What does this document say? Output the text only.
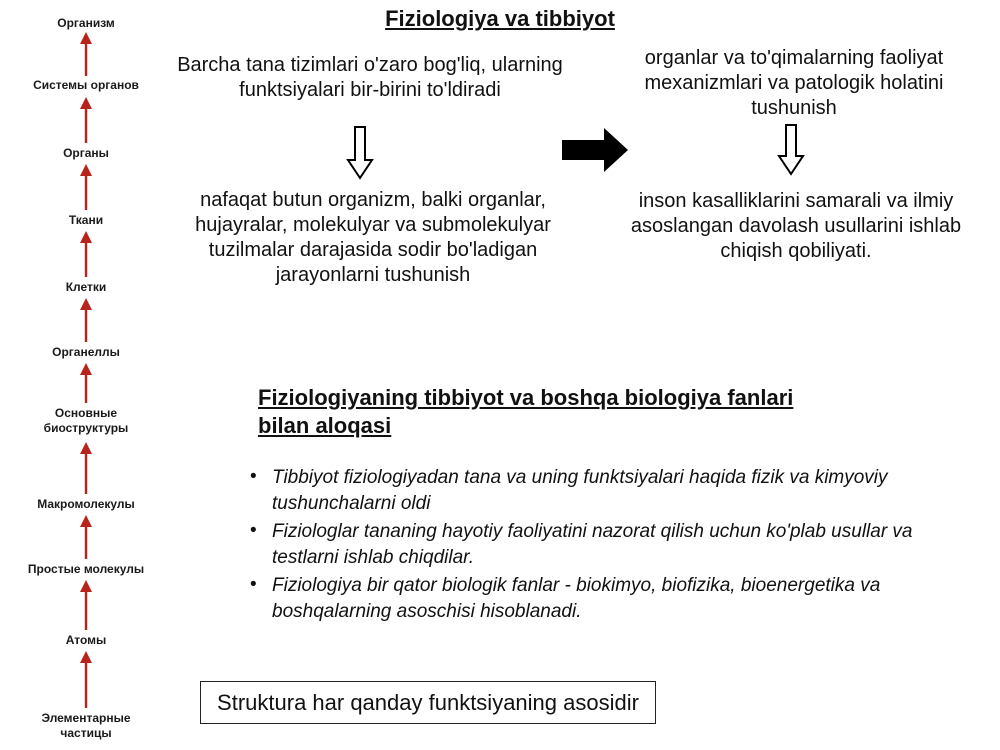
Организм
Системы органов
Органы
Ткани
Клетки
Органеллы
Основные биоструктуры
Макромолекулы
Простые молекулы
Атомы
Элементарные частицы
Fiziologiya va tibbiyot
Barcha tana tizimlari o'zaro bog'liq, ularning funktsiyalari bir-birini to'ldiradi
nafaqat butun organizm, balki organlar, hujayralar, molekulyar va submolekulyar tuzilmalar darajasida sodir bo'ladigan jarayonlarni tushunish
organlar va to'qimalarning faoliyat mexanizmlari va patologik holatini tushunish
inson kasalliklarini samarali va ilmiy asoslangan davolash usullarini ishlab chiqish qobiliyati.
Fiziologiyaning tibbiyot va boshqa biologiya fanlari bilan aloqasi
• Tibbiyot fiziologiyadan tana va uning funktsiyalari haqida fizik va kimyoviy tushunchalarni oldi
• Fiziologlar tananing hayotiy faoliyatini nazorat qilish uchun ko'plab usullar va testlarni ishlab chiqdilar.
• Fiziologiya bir qator biologik fanlar - biokimyo, biofizika, bioenergetika va boshqalarning asoschisi hisoblanadi.
Struktura har qanday funktsiyaning asosidir
